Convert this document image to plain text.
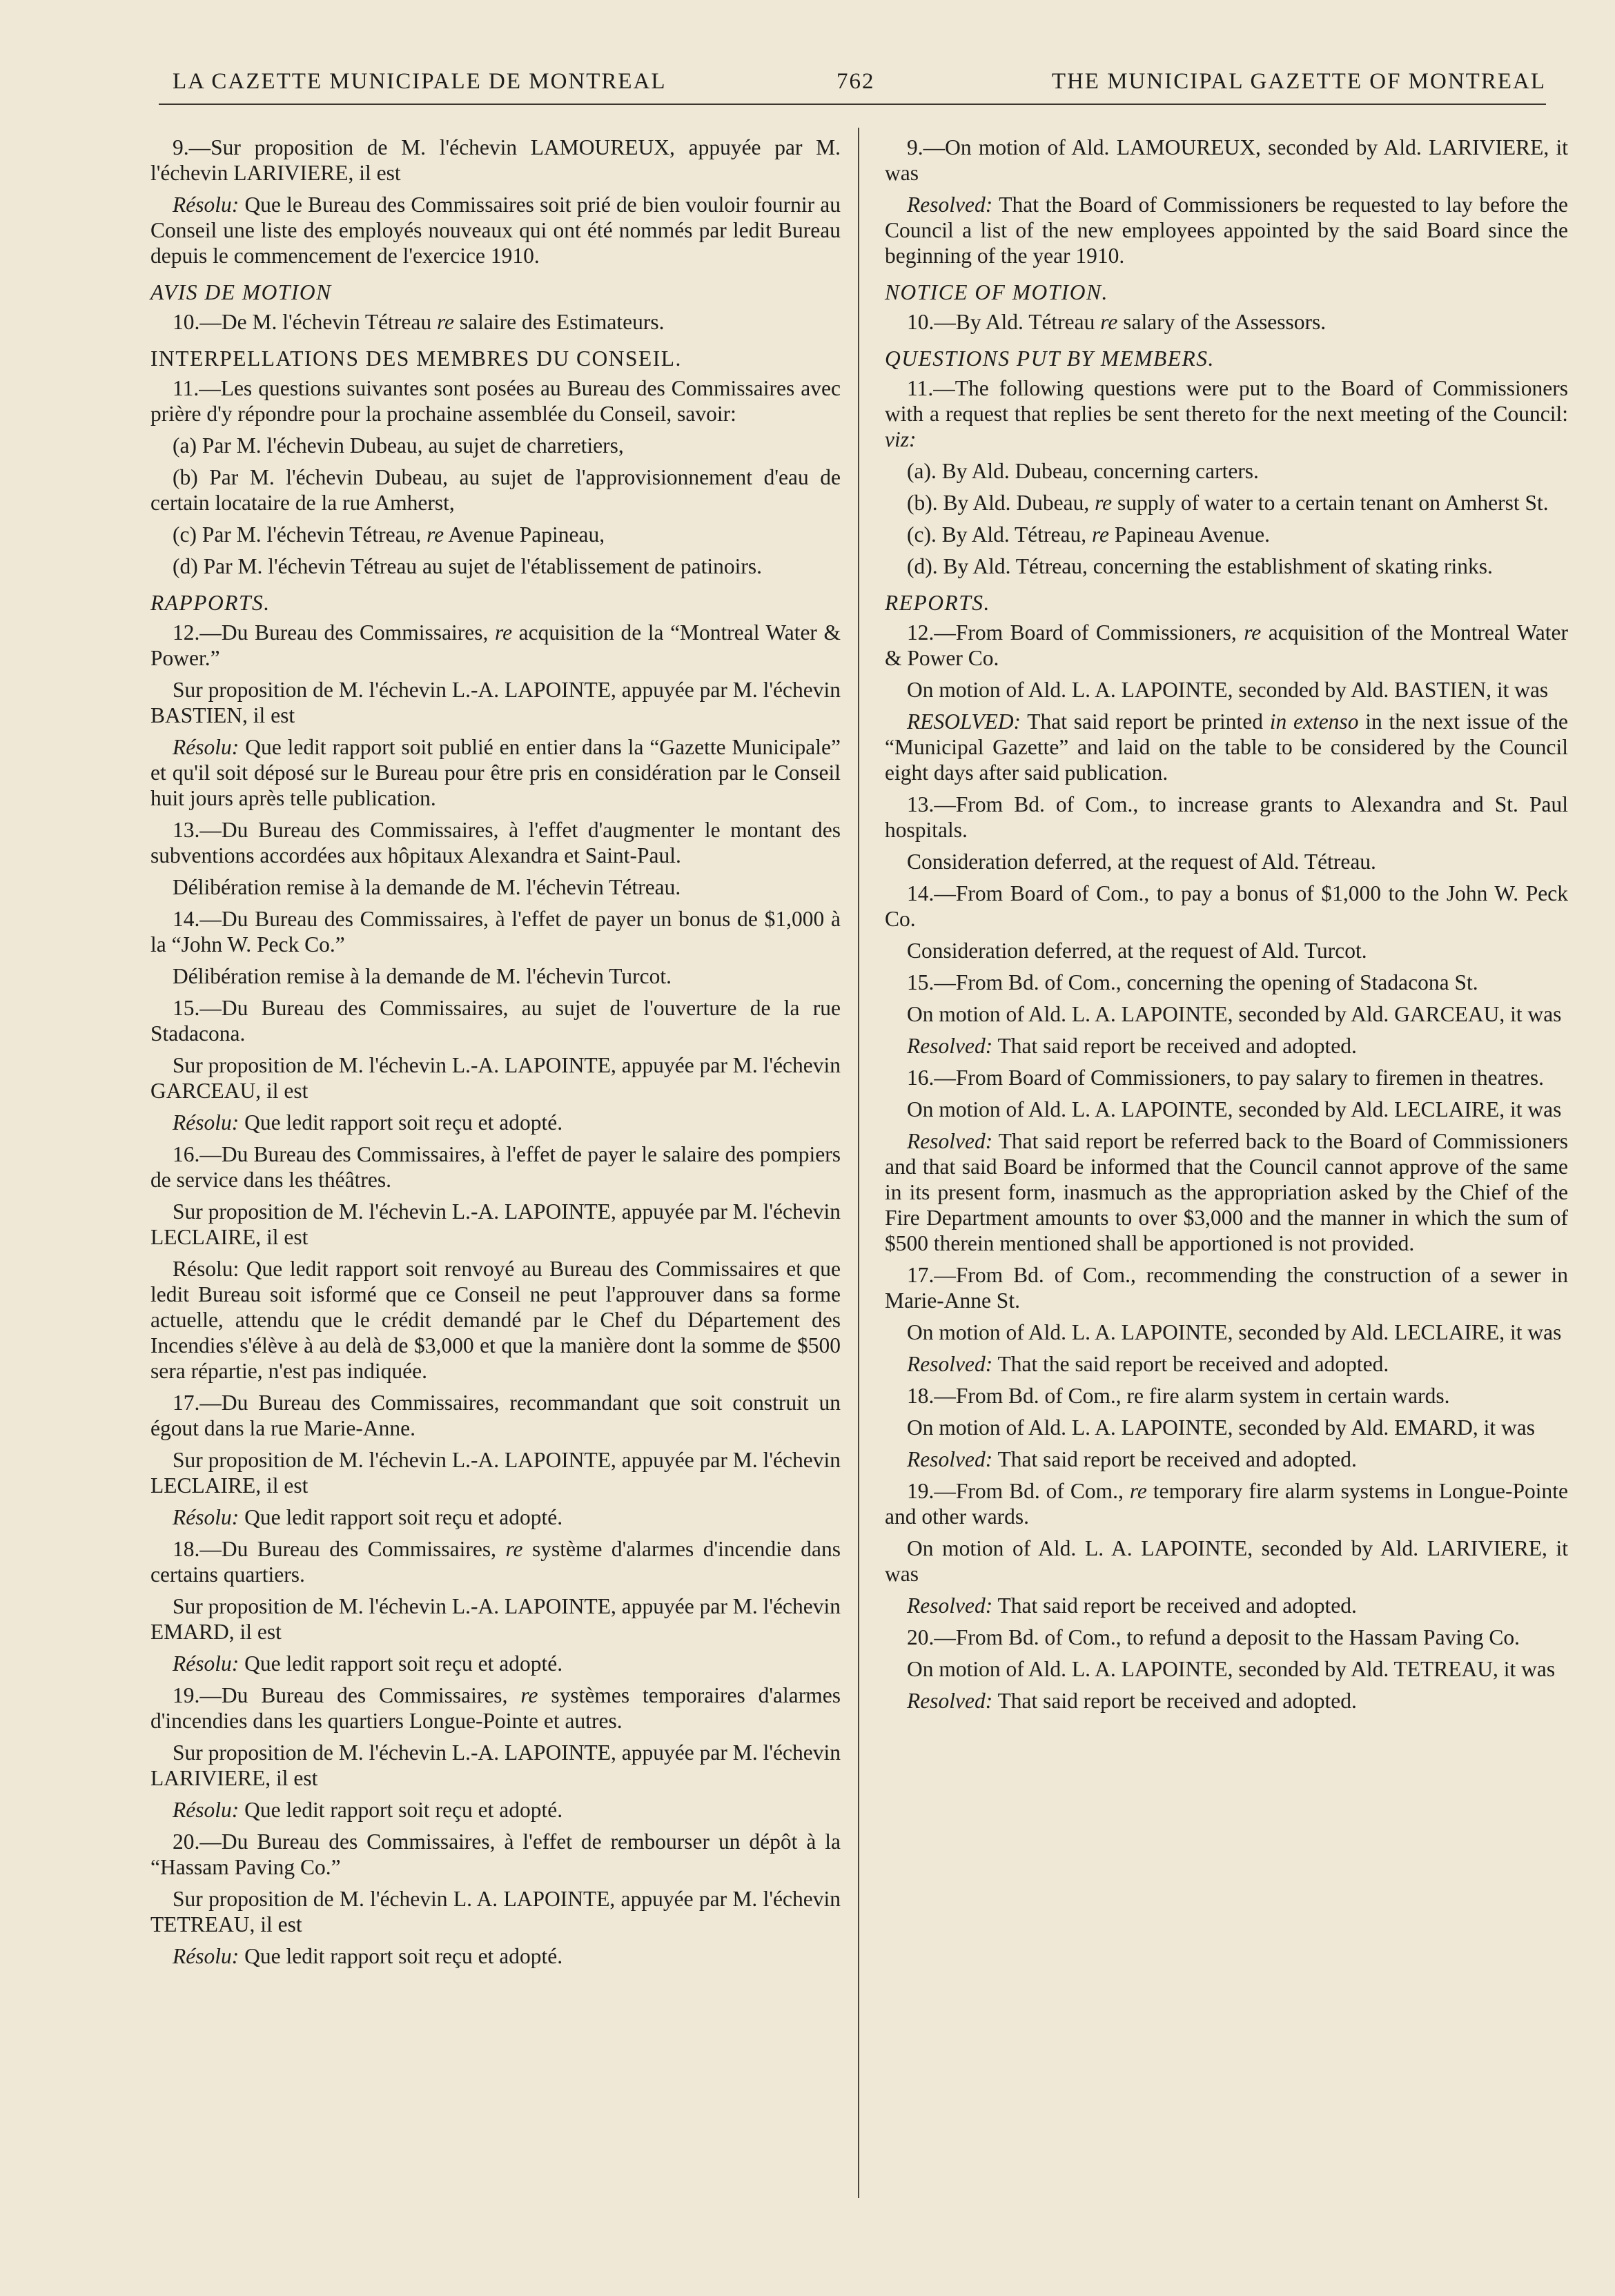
LA CAZETTE MUNICIPALE DE MONTREAL	762	THE MUNICIPAL GAZETTE OF MONTREAL

9.—Sur proposition de M. l'échevin LAMOUREUX, appuyée par M. l'échevin LARIVIERE, il est

Résolu: Que le Bureau des Commissaires soit prié de bien vouloir fournir au Conseil une liste des employés nouveaux qui ont été nommés par ledit Bureau depuis le commencement de l'exercice 1910.

AVIS DE MOTION

10.—De M. l'échevin Tétreau re salaire des Estimateurs.

INTERPELLATIONS DES MEMBRES DU CONSEIL.

11.—Les questions suivantes sont posées au Bureau des Commissaires avec prière d'y répondre pour la prochaine assemblée du Conseil, savoir:

(a) Par M. l'échevin Dubeau, au sujet de charretiers,

(b) Par M. l'échevin Dubeau, au sujet de l'approvisionnement d'eau de certain locataire de la rue Amherst,

(c) Par M. l'échevin Tétreau, re Avenue Papineau,

(d) Par M. l'échevin Tétreau au sujet de l'établissement de patinoirs.

RAPPORTS.

12.—Du Bureau des Commissaires, re acquisition de la “Montreal Water & Power.”

Sur proposition de M. l'échevin L.-A. LAPOINTE, appuyée par M. l'échevin BASTIEN, il est

Résolu: Que ledit rapport soit publié en entier dans la “Gazette Municipale” et qu'il soit déposé sur le Bureau pour être pris en considération par le Conseil huit jours après telle publication.

13.—Du Bureau des Commissaires, à l'effet d'augmenter le montant des subventions accordées aux hôpitaux Alexandra et Saint-Paul.

Délibération remise à la demande de M. l'échevin Tétreau.

14.—Du Bureau des Commissaires, à l'effet de payer un bonus de $1,000 à la “John W. Peck Co.”

Délibération remise à la demande de M. l'échevin Turcot.

15.—Du Bureau des Commissaires, au sujet de l'ouverture de la rue Stadacona.

Sur proposition de M. l'échevin L.-A. LAPOINTE, appuyée par M. l'échevin GARCEAU, il est

Résolu: Que ledit rapport soit reçu et adopté.

16.—Du Bureau des Commissaires, à l'effet de payer le salaire des pompiers de service dans les théâtres.

Sur proposition de M. l'échevin L.-A. LAPOINTE, appuyée par M. l'échevin LECLAIRE, il est

Résolu: Que ledit rapport soit renvoyé au Bureau des Commissaires et que ledit Bureau soit isformé que ce Conseil ne peut l'approuver dans sa forme actuelle, attendu que le crédit demandé par le Chef du Département des Incendies s'élève à au delà de $3,000 et que la manière dont la somme de $500 sera répartie, n'est pas indiquée.

17.—Du Bureau des Commissaires, recommandant que soit construit un égout dans la rue Marie-Anne.

Sur proposition de M. l'échevin L.-A. LAPOINTE, appuyée par M. l'échevin LECLAIRE, il est

Résolu: Que ledit rapport soit reçu et adopté.

18.—Du Bureau des Commissaires, re système d'alarmes d'incendie dans certains quartiers.

Sur proposition de M. l'échevin L.-A. LAPOINTE, appuyée par M. l'échevin EMARD, il est

Résolu: Que ledit rapport soit reçu et adopté.

19.—Du Bureau des Commissaires, re systèmes temporaires d'alarmes d'incendies dans les quartiers Longue-Pointe et autres.

Sur proposition de M. l'échevin L.-A. LAPOINTE, appuyée par M. l'échevin LARIVIERE, il est

Résolu: Que ledit rapport soit reçu et adopté.

20.—Du Bureau des Commissaires, à l'effet de rembourser un dépôt à la “Hassam Paving Co.”

Sur proposition de M. l'échevin L. A. LAPOINTE, appuyée par M. l'échevin TETREAU, il est

Résolu: Que ledit rapport soit reçu et adopté.

9.—On motion of Ald. LAMOUREUX, seconded by Ald. LARIVIERE, it was

Resolved: That the Board of Commissioners be requested to lay before the Council a list of the new employees appointed by the said Board since the beginning of the year 1910.

NOTICE OF MOTION.

10.—By Ald. Tétreau re salary of the Assessors.

QUESTIONS PUT BY MEMBERS.

11.—The following questions were put to the Board of Commissioners with a request that replies be sent thereto for the next meeting of the Council: viz:

(a). By Ald. Dubeau, concerning carters.

(b). By Ald. Dubeau, re supply of water to a certain tenant on Amherst St.

(c). By Ald. Tétreau, re Papineau Avenue.

(d). By Ald. Tétreau, concerning the establishment of skating rinks.

REPORTS.

12.—From Board of Commissioners, re acquisition of the Montreal Water & Power Co.

On motion of Ald. L. A. LAPOINTE, seconded by Ald. BASTIEN, it was

RESOLVED: That said report be printed in extenso in the next issue of the “Municipal Gazette” and laid on the table to be considered by the Council eight days after said publication.

13.—From Bd. of Com., to increase grants to Alexandra and St. Paul hospitals.

Consideration deferred, at the request of Ald. Tétreau.

14.—From Board of Com., to pay a bonus of $1,000 to the John W. Peck Co.

Consideration deferred, at the request of Ald. Turcot.

15.—From Bd. of Com., concerning the opening of Stadacona St.

On motion of Ald. L. A. LAPOINTE, seconded by Ald. GARCEAU, it was

Resolved: That said report be received and adopted.

16.—From Board of Commissioners, to pay salary to firemen in theatres.

On motion of Ald. L. A. LAPOINTE, seconded by Ald. LECLAIRE, it was

Resolved: That said report be referred back to the Board of Commissioners and that said Board be informed that the Council cannot approve of the same in its present form, inasmuch as the appropriation asked by the Chief of the Fire Department amounts to over $3,000 and the manner in which the sum of $500 therein mentioned shall be apportioned is not provided.

17.—From Bd. of Com., recommending the construction of a sewer in Marie-Anne St.

On motion of Ald. L. A. LAPOINTE, seconded by Ald. LECLAIRE, it was

Resolved: That the said report be received and adopted.

18.—From Bd. of Com., re fire alarm system in certain wards.

On motion of Ald. L. A. LAPOINTE, seconded by Ald. EMARD, it was

Resolved: That said report be received and adopted.

19.—From Bd. of Com., re temporary fire alarm systems in Longue-Pointe and other wards.

On motion of Ald. L. A. LAPOINTE, seconded by Ald. LARIVIERE, it was

Resolved: That said report be received and adopted.

20.—From Bd. of Com., to refund a deposit to the Hassam Paving Co.

On motion of Ald. L. A. LAPOINTE, seconded by Ald. TETREAU, it was

Resolved: That said report be received and adopted.
